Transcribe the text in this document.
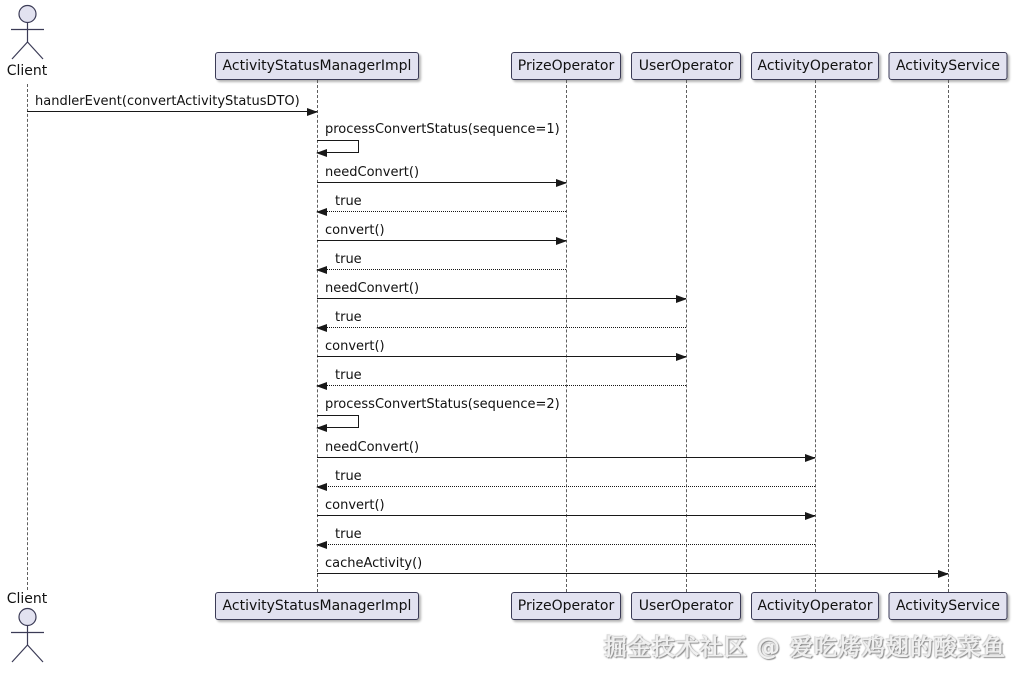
Client	ActivityStatusManagerImpl	PrizeOperator	UserOperator	ActivityOperator	ActivityService
handlerEvent(convertActivityStatusDTO)
processConvertStatus(sequence=1)
needConvert()
true
convert()
true
needConvert()
true
convert()
true
processConvertStatus(sequence=2)
needConvert()
true
convert()
true
cacheActivity()
ActivityStatusManagerImpl	PrizeOperator	UserOperator	ActivityOperator	ActivityService
Client
掘金技术社区 @ 爱吃烤鸡翅的酸菜鱼
